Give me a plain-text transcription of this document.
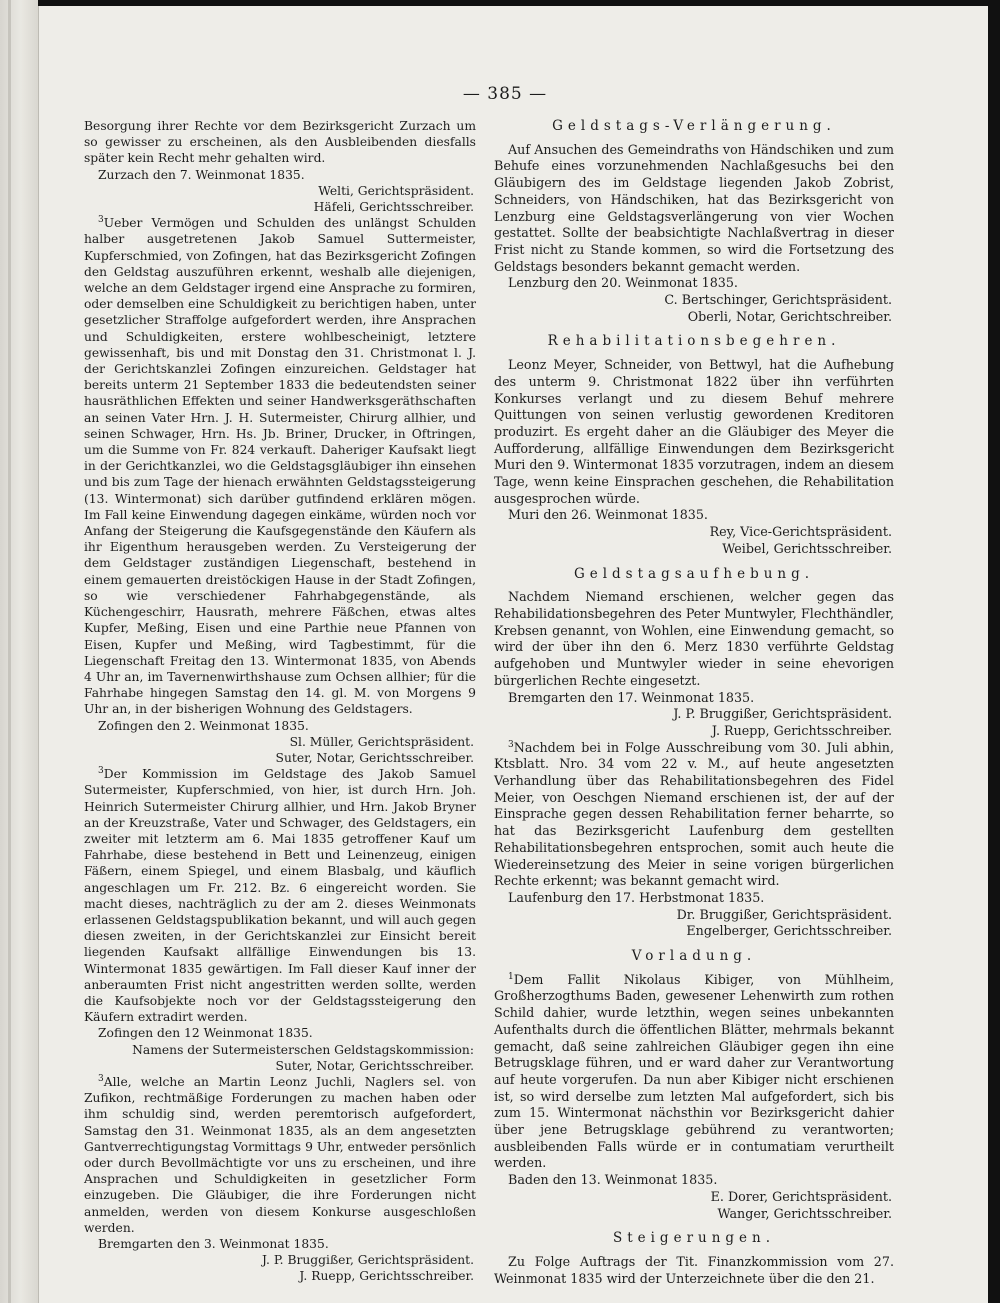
— 385 —

Besorgung ihrer Rechte vor dem Bezirksgericht Zurzach um so gewisser zu erscheinen, als den Ausbleibenden diesfalls später kein Recht mehr gehalten wird.

Zurzach den 7. Weinmonat 1835.

Welti, Gerichtspräsident.

Häfeli, Gerichtsschreiber.

$^3$Ueber Vermögen und Schulden des unlängst Schulden halber ausgetretenen Jakob Samuel Suttermeister, Kupferschmied, von Zofingen, hat das Bezirksgericht Zofingen den Geldstag auszuführen erkennt, weshalb alle diejenigen, welche an dem Geldstager irgend eine Ansprache zu formiren, oder demselben eine Schuldigkeit zu berichtigen haben, unter gesetzlicher Straffolge aufgefordert werden, ihre Ansprachen und Schuldigkeiten, erstere wohlbescheinigt, letztere gewissenhaft, bis und mit Donstag den 31. Christmonat l. J. der Gerichtskanzlei Zofingen einzureichen. Geldstager hat bereits unterm 21 September 1833 die bedeutendsten seiner hausräthlichen Effekten und seiner Handwerksgeräthschaften an seinen Vater Hrn. J. H. Sutermeister, Chirurg allhier, und seinen Schwager, Hrn. Hs. Jb. Briner, Drucker, in Oftringen, um die Summe von Fr. 824 verkauft. Daheriger Kaufsakt liegt in der Gerichtkanzlei, wo die Geldstagsgläubiger ihn einsehen und bis zum Tage der hienach erwähnten Geldstagssteigerung (13. Wintermonat) sich darüber gutfindend erklären mögen. Im Fall keine Einwendung dagegen einkäme, würden noch vor Anfang der Steigerung die Kaufsgegenstände den Käufern als ihr Eigenthum herausgeben werden. Zu Versteigerung der dem Geldstager zuständigen Liegenschaft, bestehend in einem gemauerten dreistöckigen Hause in der Stadt Zofingen, so wie verschiedener Fahrhabgegenstände, als Küchengeschirr, Hausrath, mehrere Fäßchen, etwas altes Kupfer, Meßing, Eisen und eine Parthie neue Pfannen von Eisen, Kupfer und Meßing, wird Tagbestimmt, für die Liegenschaft Freitag den 13. Wintermonat 1835, von Abends 4 Uhr an, im Tavernenwirthshause zum Ochsen allhier; für die Fahrhabe hingegen Samstag den 14. gl. M. von Morgens 9 Uhr an, in der bisherigen Wohnung des Geldstagers.

Zofingen den 2. Weinmonat 1835.

Sl. Müller, Gerichtspräsident.

Suter, Notar, Gerichtsschreiber.

$^3$Der Kommission im Geldstage des Jakob Samuel Sutermeister, Kupferschmied, von hier, ist durch Hrn. Joh. Heinrich Sutermeister Chirurg allhier, und Hrn. Jakob Bryner an der Kreuzstraße, Vater und Schwager, des Geldstagers, ein zweiter mit letzterm am 6. Mai 1835 getroffener Kauf um Fahrhabe, diese bestehend in Bett und Leinenzeug, einigen Fäßern, einem Spiegel, und einem Blasbalg, und käuflich angeschlagen um Fr. 212. Bz. 6 eingereicht worden. Sie macht dieses, nachträglich zu der am 2. dieses Weinmonats erlassenen Geldstagspublikation bekannt, und will auch gegen diesen zweiten, in der Gerichtskanzlei zur Einsicht bereit liegenden Kaufsakt allfällige Einwendungen bis 13. Wintermonat 1835 gewärtigen. Im Fall dieser Kauf inner der anberaumten Frist nicht angestritten werden sollte, werden die Kaufsobjekte noch vor der Geldstagssteigerung den Käufern extradirt werden.

Zofingen den 12 Weinmonat 1835.

Namens der Sutermeisterschen Geldstagskommission:

Suter, Notar, Gerichtsschreiber.

$^3$Alle, welche an Martin Leonz Juchli, Naglers sel. von Zufikon, rechtmäßige Forderungen zu machen haben oder ihm schuldig sind, werden peremtorisch aufgefordert, Samstag den 31. Weinmonat 1835, als an dem angesetzten Gantverrechtigungstag Vormittags 9 Uhr, entweder persönlich oder durch Bevollmächtigte vor uns zu erscheinen, und ihre Ansprachen und Schuldigkeiten in gesetzlicher Form einzugeben. Die Gläubiger, die ihre Forderungen nicht anmelden, werden von diesem Konkurse ausgeschloßen werden.

Bremgarten den 3. Weinmonat 1835.

J. P. Bruggißer, Gerichtspräsident.

J. Ruepp, Gerichtsschreiber.

Geldstags-Verlängerung.

Auf Ansuchen des Gemeindraths von Händschiken und zum Behufe eines vorzunehmenden Nachlaßgesuchs bei den Gläubigern des im Geldstage liegenden Jakob Zobrist, Schneiders, von Händschiken, hat das Bezirksgericht von Lenzburg eine Geldstagsverlängerung von vier Wochen gestattet. Sollte der beabsichtigte Nachlaßvertrag in dieser Frist nicht zu Stande kommen, so wird die Fortsetzung des Geldstags besonders bekannt gemacht werden.

Lenzburg den 20. Weinmonat 1835.

C. Bertschinger, Gerichtspräsident.

Oberli, Notar, Gerichtschreiber.

Rehabilitationsbegehren.

Leonz Meyer, Schneider, von Bettwyl, hat die Aufhebung des unterm 9. Christmonat 1822 über ihn verführten Konkurses verlangt und zu diesem Behuf mehrere Quittungen von seinen verlustig gewordenen Kreditoren produzirt. Es ergeht daher an die Gläubiger des Meyer die Aufforderung, allfällige Einwendungen dem Bezirksgericht Muri den 9. Wintermonat 1835 vorzutragen, indem an diesem Tage, wenn keine Einsprachen geschehen, die Rehabilitation ausgesprochen würde.

Muri den 26. Weinmonat 1835.

Rey, Vice-Gerichtspräsident.

Weibel, Gerichtsschreiber.

Geldstagsaufhebung.

Nachdem Niemand erschienen, welcher gegen das Rehabilidationsbegehren des Peter Muntwyler, Flechthändler, Krebsen genannt, von Wohlen, eine Einwendung gemacht, so wird der über ihn den 6. Merz 1830 verführte Geldstag aufgehoben und Muntwyler wieder in seine ehevorigen bürgerlichen Rechte eingesetzt.

Bremgarten den 17. Weinmonat 1835.

J. P. Bruggißer, Gerichtspräsident.

J. Ruepp, Gerichtsschreiber.

$^3$Nachdem bei in Folge Ausschreibung vom 30. Juli abhin, Ktsblatt. Nro. 34 vom 22 v. M., auf heute angesetzten Verhandlung über das Rehabilitationsbegehren des Fidel Meier, von Oeschgen Niemand erschienen ist, der auf der Einsprache gegen dessen Rehabilitation ferner beharrte, so hat das Bezirksgericht Laufenburg dem gestellten Rehabilitationsbegehren entsprochen, somit auch heute die Wiedereinsetzung des Meier in seine vorigen bürgerlichen Rechte erkennt; was bekannt gemacht wird.

Laufenburg den 17. Herbstmonat 1835.

Dr. Bruggißer, Gerichtspräsident.

Engelberger, Gerichtsschreiber.

Vorladung.

$^1$Dem Fallit Nikolaus Kibiger, von Mühlheim, Großherzogthums Baden, gewesener Lehenwirth zum rothen Schild dahier, wurde letzthin, wegen seines unbekannten Aufenthalts durch die öffentlichen Blätter, mehrmals bekannt gemacht, daß seine zahlreichen Gläubiger gegen ihn eine Betrugsklage führen, und er ward daher zur Verantwortung auf heute vorgerufen. Da nun aber Kibiger nicht erschienen ist, so wird derselbe zum letzten Mal aufgefordert, sich bis zum 15. Wintermonat nächsthin vor Bezirksgericht dahier über jene Betrugsklage gebührend zu verantworten; ausbleibenden Falls würde er in contumatiam verurtheilt werden.

Baden den 13. Weinmonat 1835.

E. Dorer, Gerichtspräsident.

Wanger, Gerichtsschreiber.

Steigerungen.

Zu Folge Auftrags der Tit. Finanzkommission vom 27. Weinmonat 1835 wird der Unterzeichnete über die den 21.
